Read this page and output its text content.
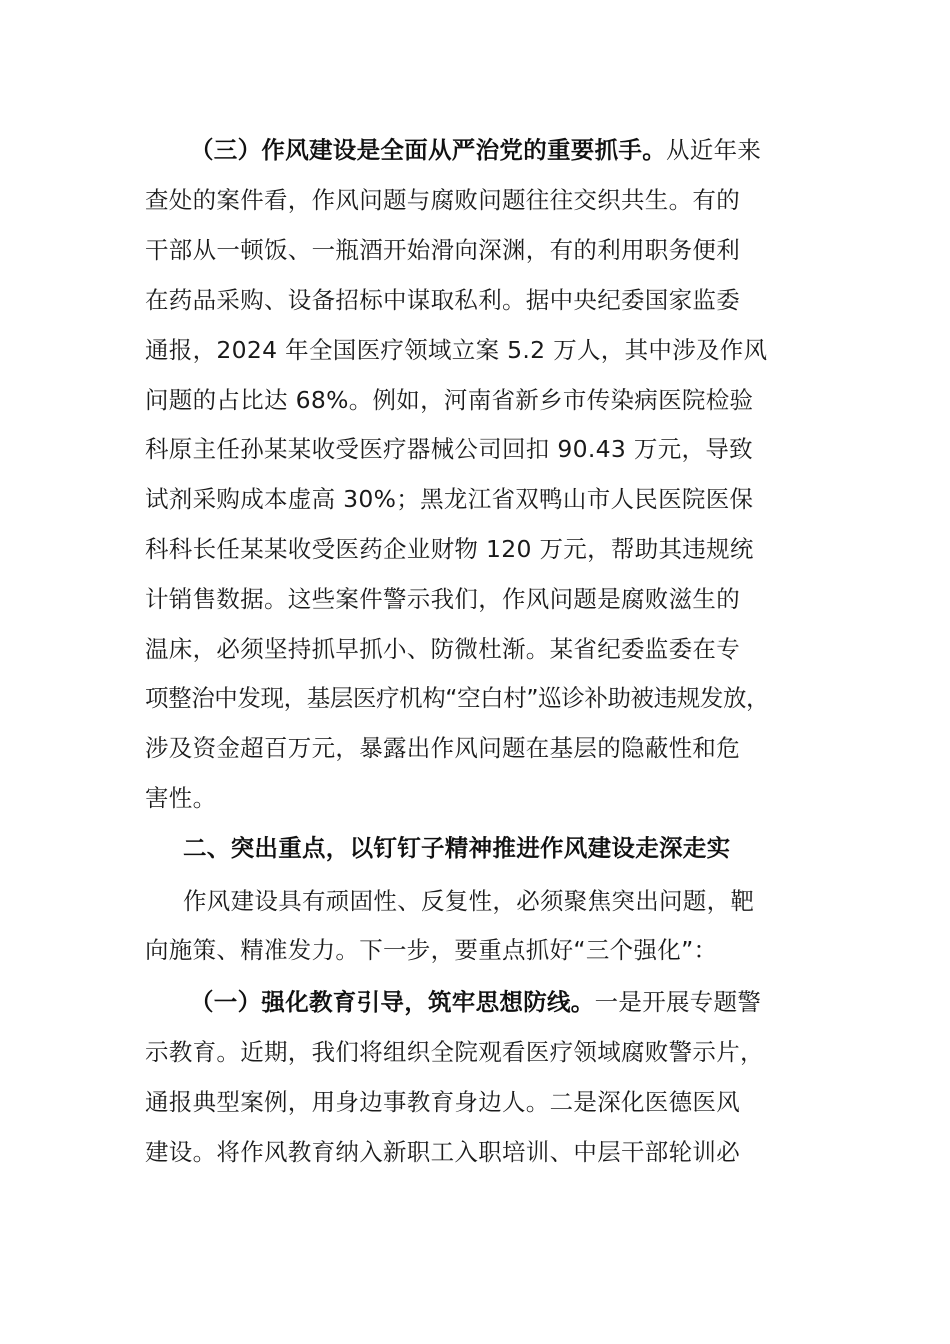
（三）作风建设是全面从严治党的重要抓手。从近年来
查处的案件看，作风问题与腐败问题往往交织共生。有的
干部从一顿饭、一瓶酒开始滑向深渊，有的利用职务便利
在药品采购、设备招标中谋取私利。据中央纪委国家监委
通报，2024 年全国医疗领域立案 5.2 万人，其中涉及作风
问题的占比达 68%。例如，河南省新乡市传染病医院检验
科原主任孙某某收受医疗器械公司回扣 90.43 万元，导致
试剂采购成本虚高 30%；黑龙江省双鸭山市人民医院医保
科科长任某某收受医药企业财物 120 万元，帮助其违规统
计销售数据。这些案件警示我们，作风问题是腐败滋生的
温床，必须坚持抓早抓小、防微杜渐。某省纪委监委在专
项整治中发现，基层医疗机构“空白村”巡诊补助被违规发放，
涉及资金超百万元，暴露出作风问题在基层的隐蔽性和危
害性。
二、突出重点，以钉钉子精神推进作风建设走深走实
作风建设具有顽固性、反复性，必须聚焦突出问题，靶
向施策、精准发力。下一步，要重点抓好“三个强化”：
（一）强化教育引导，筑牢思想防线。一是开展专题警
示教育。近期，我们将组织全院观看医疗领域腐败警示片，
通报典型案例，用身边事教育身边人。二是深化医德医风
建设。将作风教育纳入新职工入职培训、中层干部轮训必
